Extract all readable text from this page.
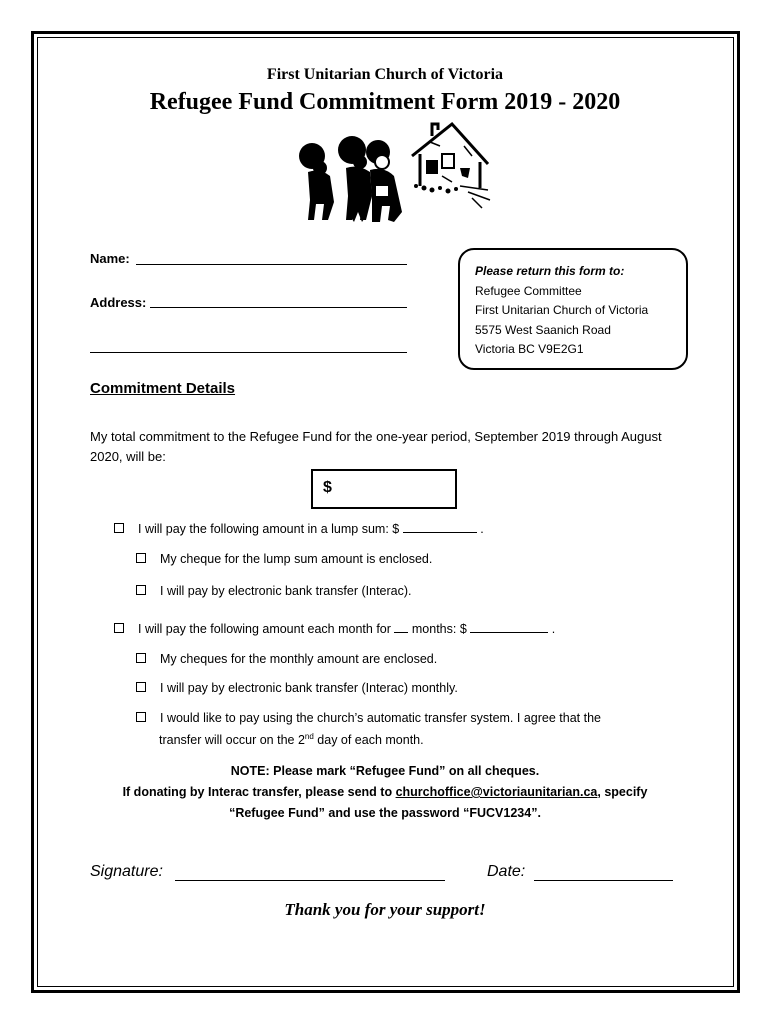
First Unitarian Church of Victoria
Refugee Fund Commitment Form 2019 - 2020
Name:
Address:
Please return this form to:
Refugee Committee
First Unitarian Church of Victoria
5575 West Saanich Road
Victoria BC V9E2G1
Commitment Details
My total commitment to the Refugee Fund for the one-year period, September 2019 through August 2020, will be:
$
I will pay the following amount in a lump sum: $	.
My cheque for the lump sum amount is enclosed.
I will pay by electronic bank transfer (Interac).
I will pay the following amount each month for months: $	.
My cheques for the monthly amount are enclosed.
I will pay by electronic bank transfer (Interac) monthly.
I would like to pay using the church’s automatic transfer system. I agree that the
transfer will occur on the 2nd day of each month.
NOTE: Please mark “Refugee Fund” on all cheques.
If donating by Interac transfer, please send to churchoffice@victoriaunitarian.ca, specify
“Refugee Fund” and use the password “FUCV1234”.
Signature:	Date:
Thank you for your support!
